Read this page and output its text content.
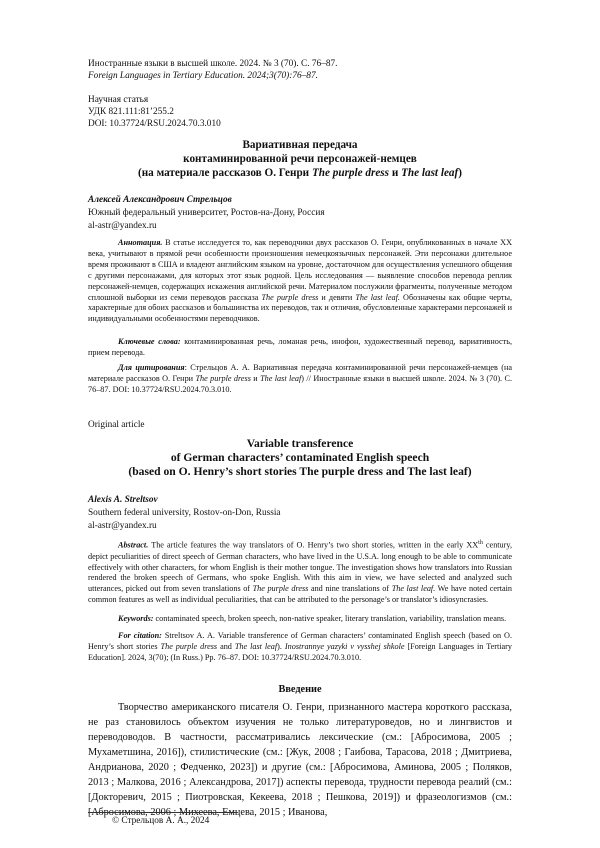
Иностранные языки в высшей школе. 2024. № 3 (70). С. 76–87.
Foreign Languages in Tertiary Education. 2024;3(70):76–87.
Научная статья
УДК 821.111:81’255.2
DOI: 10.37724/RSU.2024.70.3.010
Вариативная передача
контаминированной речи персонажей-немцев
(на материале рассказов О. Генри The purple dress и The last leaf)
Алексей Александрович Стрельцов
Южный федеральный университет, Ростов-на-Дону, Россия
al-astr@yandex.ru
Аннотация. В статье исследуется то, как переводчики двух рассказов О. Генри, опубликованных в начале XX века, учитывают в прямой речи особенности произношения немецкоязычных персонажей. Эти персонажи длительное время проживают в США и владеют английским языком на уровне, достаточном для осуществления успешного общения с другими персонажами, для которых этот язык родной. Цель исследования — выявление способов перевода реплик персонажей-немцев, содержащих искажения английской речи. Материалом послужили фрагменты, полученные методом сплошной выборки из семи переводов рассказа The purple dress и девяти The last leaf. Обозначены как общие черты, характерные для обоих рассказов и большинства их переводов, так и отличия, обусловленные характерами персонажей и индивидуальными особенностями переводчиков.
Ключевые слова: контаминированная речь, ломаная речь, инофон, художественный перевод, вариативность, прием перевода.
Для цитирования: Стрельцов А. А. Вариативная передача контаминированной речи персонажей-немцев (на материале рассказов О. Генри The purple dress и The last leaf) // Иностранные языки в высшей школе. 2024. № 3 (70). С. 76–87. DOI: 10.37724/RSU.2024.70.3.010.
Original article
Variable transference
of German characters’ contaminated English speech
(based on O. Henry’s short stories The purple dress and The last leaf)
Alexis A. Streltsov
Southern federal university, Rostov-on-Don, Russia
al-astr@yandex.ru
Abstract. The article features the way translators of O. Henry’s two short stories, written in the early XXth century, depict peculiarities of direct speech of German characters, who have lived in the U.S.A. long enough to be able to communicate effectively with other characters, for whom English is their mother tongue. The investigation shows how translators into Russian rendered the broken speech of Germans, who spoke English. With this aim in view, we have selected and analyzed such utterances, picked out from seven translations of The purple dress and nine translations of The last leaf. We have noted certain common features as well as individual peculiarities, that can be attributed to the personage’s or translator’s idiosyncrasies.
Keywords: contaminated speech, broken speech, non-native speaker, literary translation, variability, translation means.
For citation: Streltsov A. A. Variable transference of German characters’ contaminated English speech (based on O. Henry’s short stories The purple dress and The last leaf). Inostrannye yazyki v vysshej shkole [Foreign Languages in Tertiary Education]. 2024, 3(70); (In Russ.) Pp. 76–87. DOI: 10.37724/RSU.2024.70.3.010.
Введение
Творчество американского писателя О. Генри, признанного мастера короткого рассказа, не раз становилось объектом изучения не только литературоведов, но и лингвистов и переводоводов. В частности, рассматривались лексические (см.: [Абросимова, 2005 ; Мухаметшина, 2016]), стилистические (см.: [Жук, 2008 ; Гаибова, Тарасова, 2018 ; Дмитриева, Андрианова, 2020 ; Федченко, 2023]) и другие (см.: [Абросимова, Аминова, 2005 ; Поляков, 2013 ; Малкова, 2016 ; Александрова, 2017]) аспекты перевода, трудности перевода реалий (см.: [Докторевич, 2015 ; Пиотровская, Кекеева, 2018 ; Пешкова, 2019]) и фразеологизмов (см.: [Абросимова, 2006 ; Михеева, Емцева, 2015 ; Иванова,
© Стрельцов А. А., 2024
